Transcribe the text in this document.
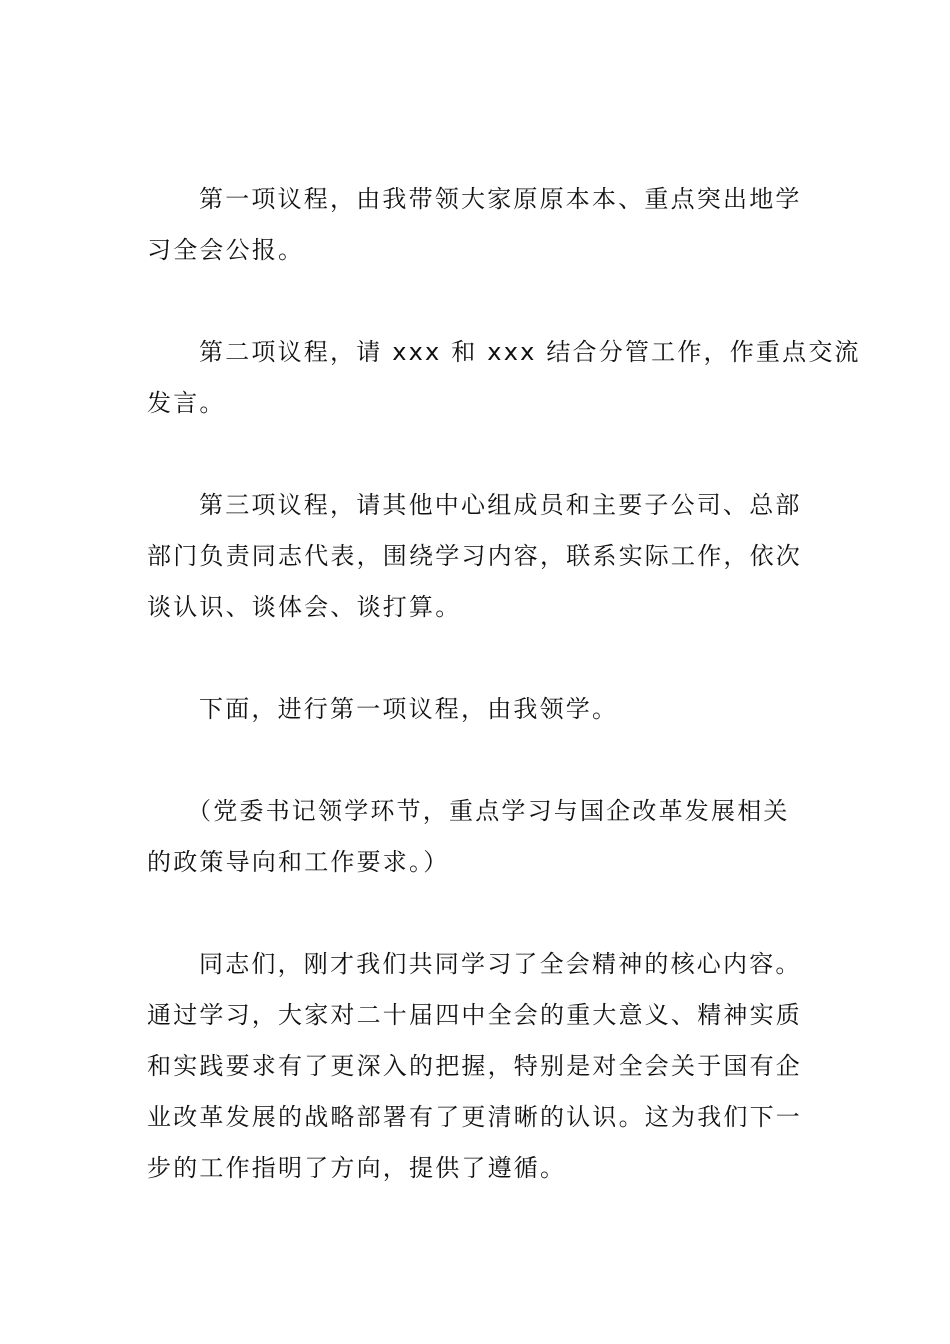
第一项议程，由我带领大家原原本本、重点突出地学
习全会公报。
第二项议程，请 xxx 和 xxx 结合分管工作，作重点交流
发言。
第三项议程，请其他中心组成员和主要子公司、总部
部门负责同志代表，围绕学习内容，联系实际工作，依次
谈认识、谈体会、谈打算。
下面，进行第一项议程，由我领学。
（党委书记领学环节，重点学习与国企改革发展相关
的政策导向和工作要求。）
同志们，刚才我们共同学习了全会精神的核心内容。
通过学习，大家对二十届四中全会的重大意义、精神实质
和实践要求有了更深入的把握，特别是对全会关于国有企
业改革发展的战略部署有了更清晰的认识。这为我们下一
步的工作指明了方向，提供了遵循。
